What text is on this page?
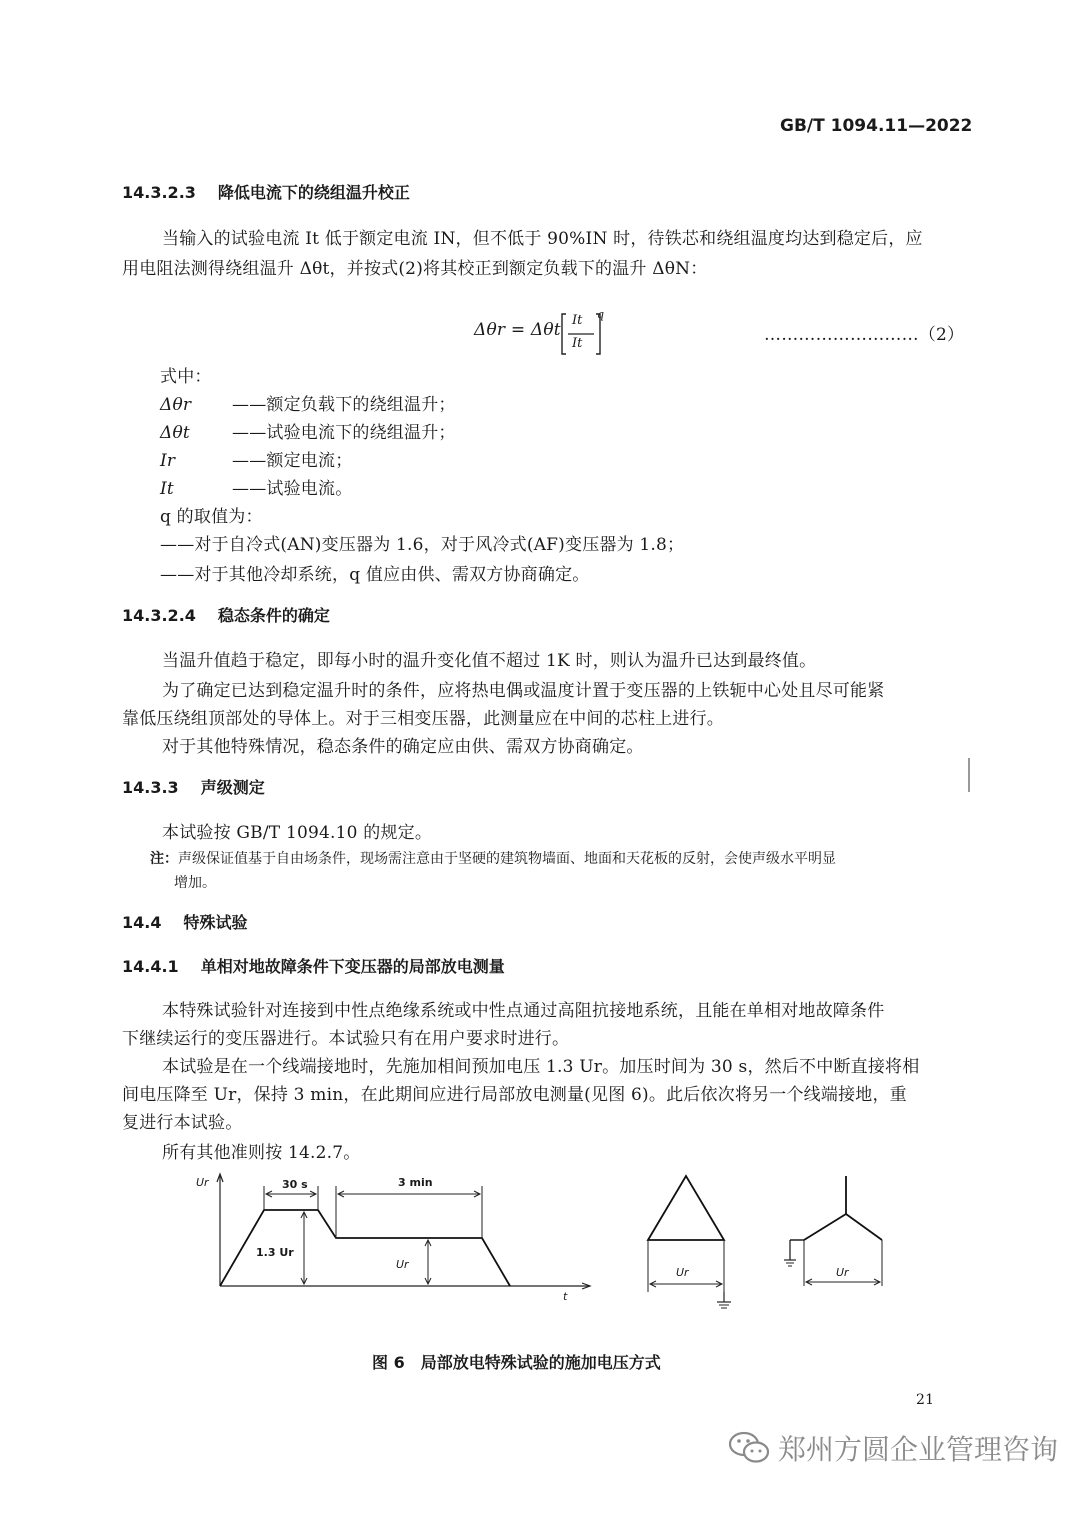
GB/T 1094.11—2022
14.3.2.3 降低电流下的绕组温升校正
当输入的试验电流 It 低于额定电流 IN，但不低于 90%IN 时，待铁芯和绕组温度均达到稳定后，应
用电阻法测得绕组温升 Δθt，并按式(2)将其校正到额定负载下的温升 ΔθN：
Δθr = Δθt It
It
q
………………………（2）
式中：
Δθr ——额定负载下的绕组温升；
Δθt ——试验电流下的绕组温升；
Ir	——额定电流；
It	——试验电流。
q 的取值为：
——对于自冷式(AN)变压器为 1.6，对于风冷式(AF)变压器为 1.8；
——对于其他冷却系统，q 值应由供、需双方协商确定。
14.3.2.4 稳态条件的确定
当温升值趋于稳定，即每小时的温升变化值不超过 1K 时，则认为温升已达到最终值。
为了确定已达到稳定温升时的条件，应将热电偶或温度计置于变压器的上铁轭中心处且尽可能紧
靠低压绕组顶部处的导体上。对于三相变压器，此测量应在中间的芯柱上进行。
对于其他特殊情况，稳态条件的确定应由供、需双方协商确定。
14.3.3 声级测定
本试验按 GB/T 1094.10 的规定。
注：声级保证值基于自由场条件，现场需注意由于坚硬的建筑物墙面、地面和天花板的反射，会使声级水平明显
增加。
14.4 特殊试验
14.4.1 单相对地故障条件下变压器的局部放电测量
本特殊试验针对连接到中性点绝缘系统或中性点通过高阻抗接地系统，且能在单相对地故障条件
下继续运行的变压器进行。本试验只有在用户要求时进行。
本试验是在一个线端接地时，先施加相间预加电压 1.3 Ur。加压时间为 30 s，然后不中断直接将相
间电压降至 Ur，保持 3 min，在此期间应进行局部放电测量(见图 6)。此后依次将另一个线端接地，重
复进行本试验。
所有其他准则按 14.2.7。
Ur
t
30 s	3 min
1.3 Ur
Ur
Ur	Ur
图 6　局部放电特殊试验的施加电压方式
21
郑州方圆企业管理咨询
